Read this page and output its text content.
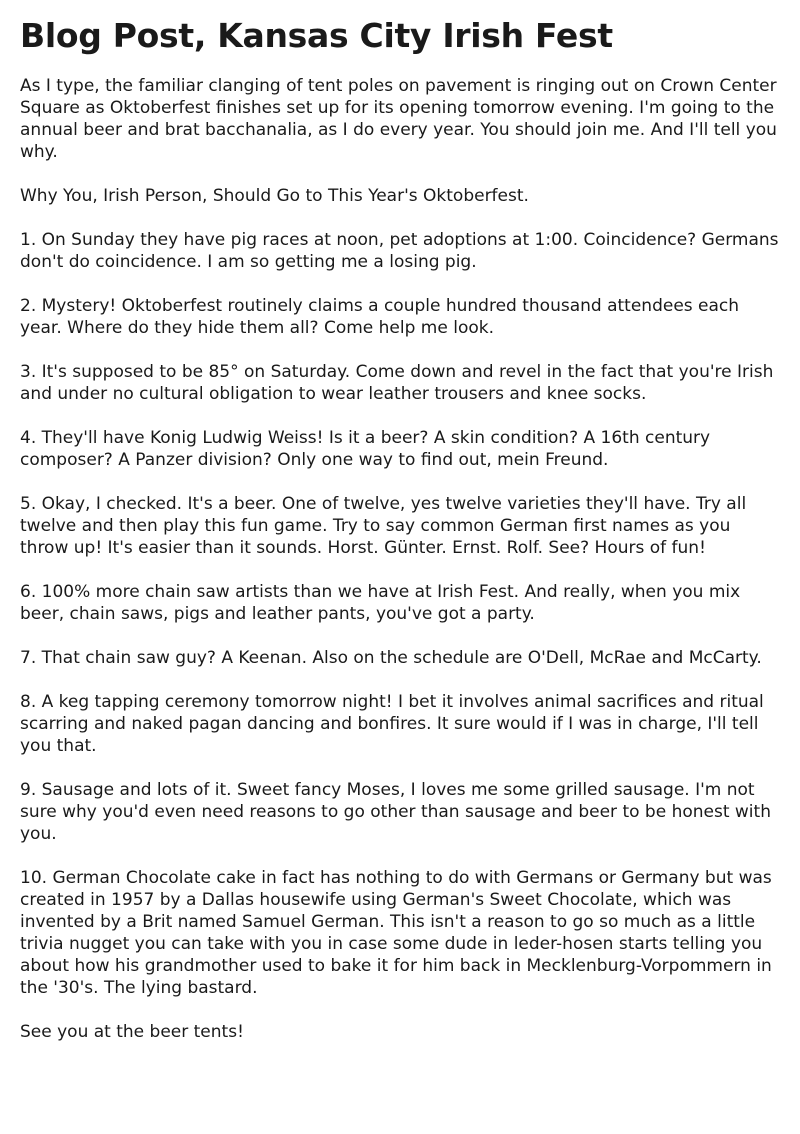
Blog Post, Kansas City Irish Fest

As I type, the familiar clanging of tent poles on pavement is ringing out on Crown Center Square as Oktoberfest finishes set up for its opening tomorrow evening. I'm going to the annual beer and brat bacchanalia, as I do every year. You should join me. And I'll tell you why.

Why You, Irish Person, Should Go to This Year's Oktoberfest.

1. On Sunday they have pig races at noon, pet adoptions at 1:00. Coincidence? Germans don't do coincidence. I am so getting me a losing pig.

2. Mystery! Oktoberfest routinely claims a couple hundred thousand attendees each year. Where do they hide them all? Come help me look.

3. It's supposed to be 85° on Saturday. Come down and revel in the fact that you're Irish and under no cultural obligation to wear leather trousers and knee socks.

4. They'll have Konig Ludwig Weiss! Is it a beer? A skin condition? A 16th century composer? A Panzer division? Only one way to find out, mein Freund.

5. Okay, I checked. It's a beer. One of twelve, yes twelve varieties they'll have. Try all twelve and then play this fun game. Try to say common German first names as you throw up! It's easier than it sounds. Horst. Günter. Ernst. Rolf. See? Hours of fun!

6. 100% more chain saw artists than we have at Irish Fest. And really, when you mix beer, chain saws, pigs and leather pants, you've got a party.

7. That chain saw guy? A Keenan. Also on the schedule are O'Dell, McRae and McCarty.

8. A keg tapping ceremony tomorrow night! I bet it involves animal sacrifices and ritual scarring and naked pagan dancing and bonfires. It sure would if I was in charge, I'll tell you that.

9. Sausage and lots of it. Sweet fancy Moses, I loves me some grilled sausage. I'm not sure why you'd even need reasons to go other than sausage and beer to be honest with you.

10. German Chocolate cake in fact has nothing to do with Germans or Germany but was created in 1957 by a Dallas housewife using German's Sweet Chocolate, which was invented by a Brit named Samuel German. This isn't a reason to go so much as a little trivia nugget you can take with you in case some dude in leder-hosen starts telling you about how his grandmother used to bake it for him back in Mecklenburg-Vorpommern in the '30's. The lying bastard.

See you at the beer tents!
